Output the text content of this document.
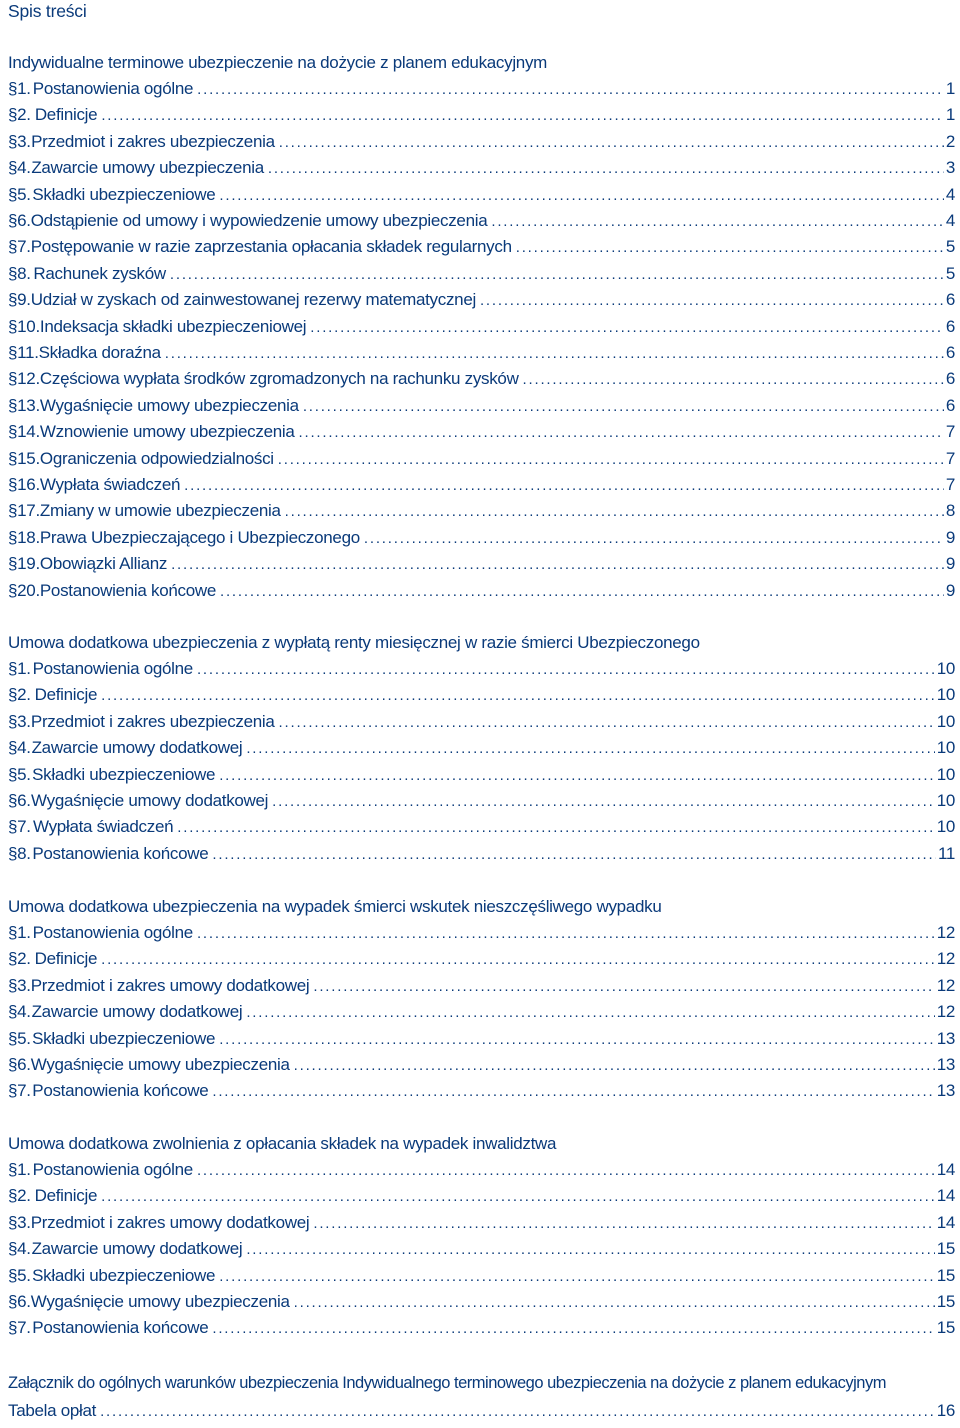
Spis treści
Indywidualne terminowe ubezpieczenie na dożycie z planem edukacyjnym
§ 1. Postanowienia ogólne .....	1
§ 2. Definicje .....	1
§ 3. Przedmiot i zakres ubezpieczenia .....	2
§ 4. Zawarcie umowy ubezpieczenia .....	3
§ 5. Składki ubezpieczeniowe .....	4
§ 6. Odstąpienie od umowy i wypowiedzenie umowy ubezpieczenia .....	4
§ 7. Postępowanie w razie zaprzestania opłacania składek regularnych .....	5
§ 8. Rachunek zysków .....	5
§ 9. Udział w zyskach od zainwestowanej rezerwy matematycznej .....	6
§ 10. Indeksacja składki ubezpieczeniowej .....	6
§ 11. Składka doraźna .....	6
§ 12. Częściowa wypłata środków zgromadzonych na rachunku zysków .....	6
§ 13. Wygaśnięcie umowy ubezpieczenia .....	6
§ 14. Wznowienie umowy ubezpieczenia .....	7
§ 15. Ograniczenia odpowiedzialności .....	7
§ 16. Wypłata świadczeń .....	7
§ 17. Zmiany w umowie ubezpieczenia .....	8
§ 18. Prawa Ubezpieczającego i Ubezpieczonego .....	9
§ 19. Obowiązki Allianz .....	9
§ 20. Postanowienia końcowe .....	9
Umowa dodatkowa ubezpieczenia z wypłatą renty miesięcznej w razie śmierci Ubezpieczonego
§ 1. Postanowienia ogólne .....	10
§ 2. Definicje .....	10
§ 3. Przedmiot i zakres ubezpieczenia .....	10
§ 4. Zawarcie umowy dodatkowej .....	10
§ 5. Składki ubezpieczeniowe .....	10
§ 6. Wygaśnięcie umowy dodatkowej .....	10
§ 7. Wypłata świadczeń .....	10
§ 8. Postanowienia końcowe .....	11
Umowa dodatkowa ubezpieczenia na wypadek śmierci wskutek nieszczęśliwego wypadku
§ 1. Postanowienia ogólne .....	12
§ 2. Definicje .....	12
§ 3. Przedmiot i zakres umowy dodatkowej .....	12
§ 4. Zawarcie umowy dodatkowej .....	12
§ 5. Składki ubezpieczeniowe .....	13
§ 6. Wygaśnięcie umowy ubezpieczenia .....	13
§ 7. Postanowienia końcowe .....	13
Umowa dodatkowa zwolnienia z opłacania składek na wypadek inwalidztwa
§ 1. Postanowienia ogólne .....	14
§ 2. Definicje .....	14
§ 3. Przedmiot i zakres umowy dodatkowej .....	14
§ 4. Zawarcie umowy dodatkowej .....	15
§ 5. Składki ubezpieczeniowe .....	15
§ 6. Wygaśnięcie umowy ubezpieczenia .....	15
§ 7. Postanowienia końcowe .....	15
Załącznik do ogólnych warunków ubezpieczenia Indywidualnego terminowego ubezpieczenia na dożycie z planem edukacyjnym
Tabela opłat .....	16
